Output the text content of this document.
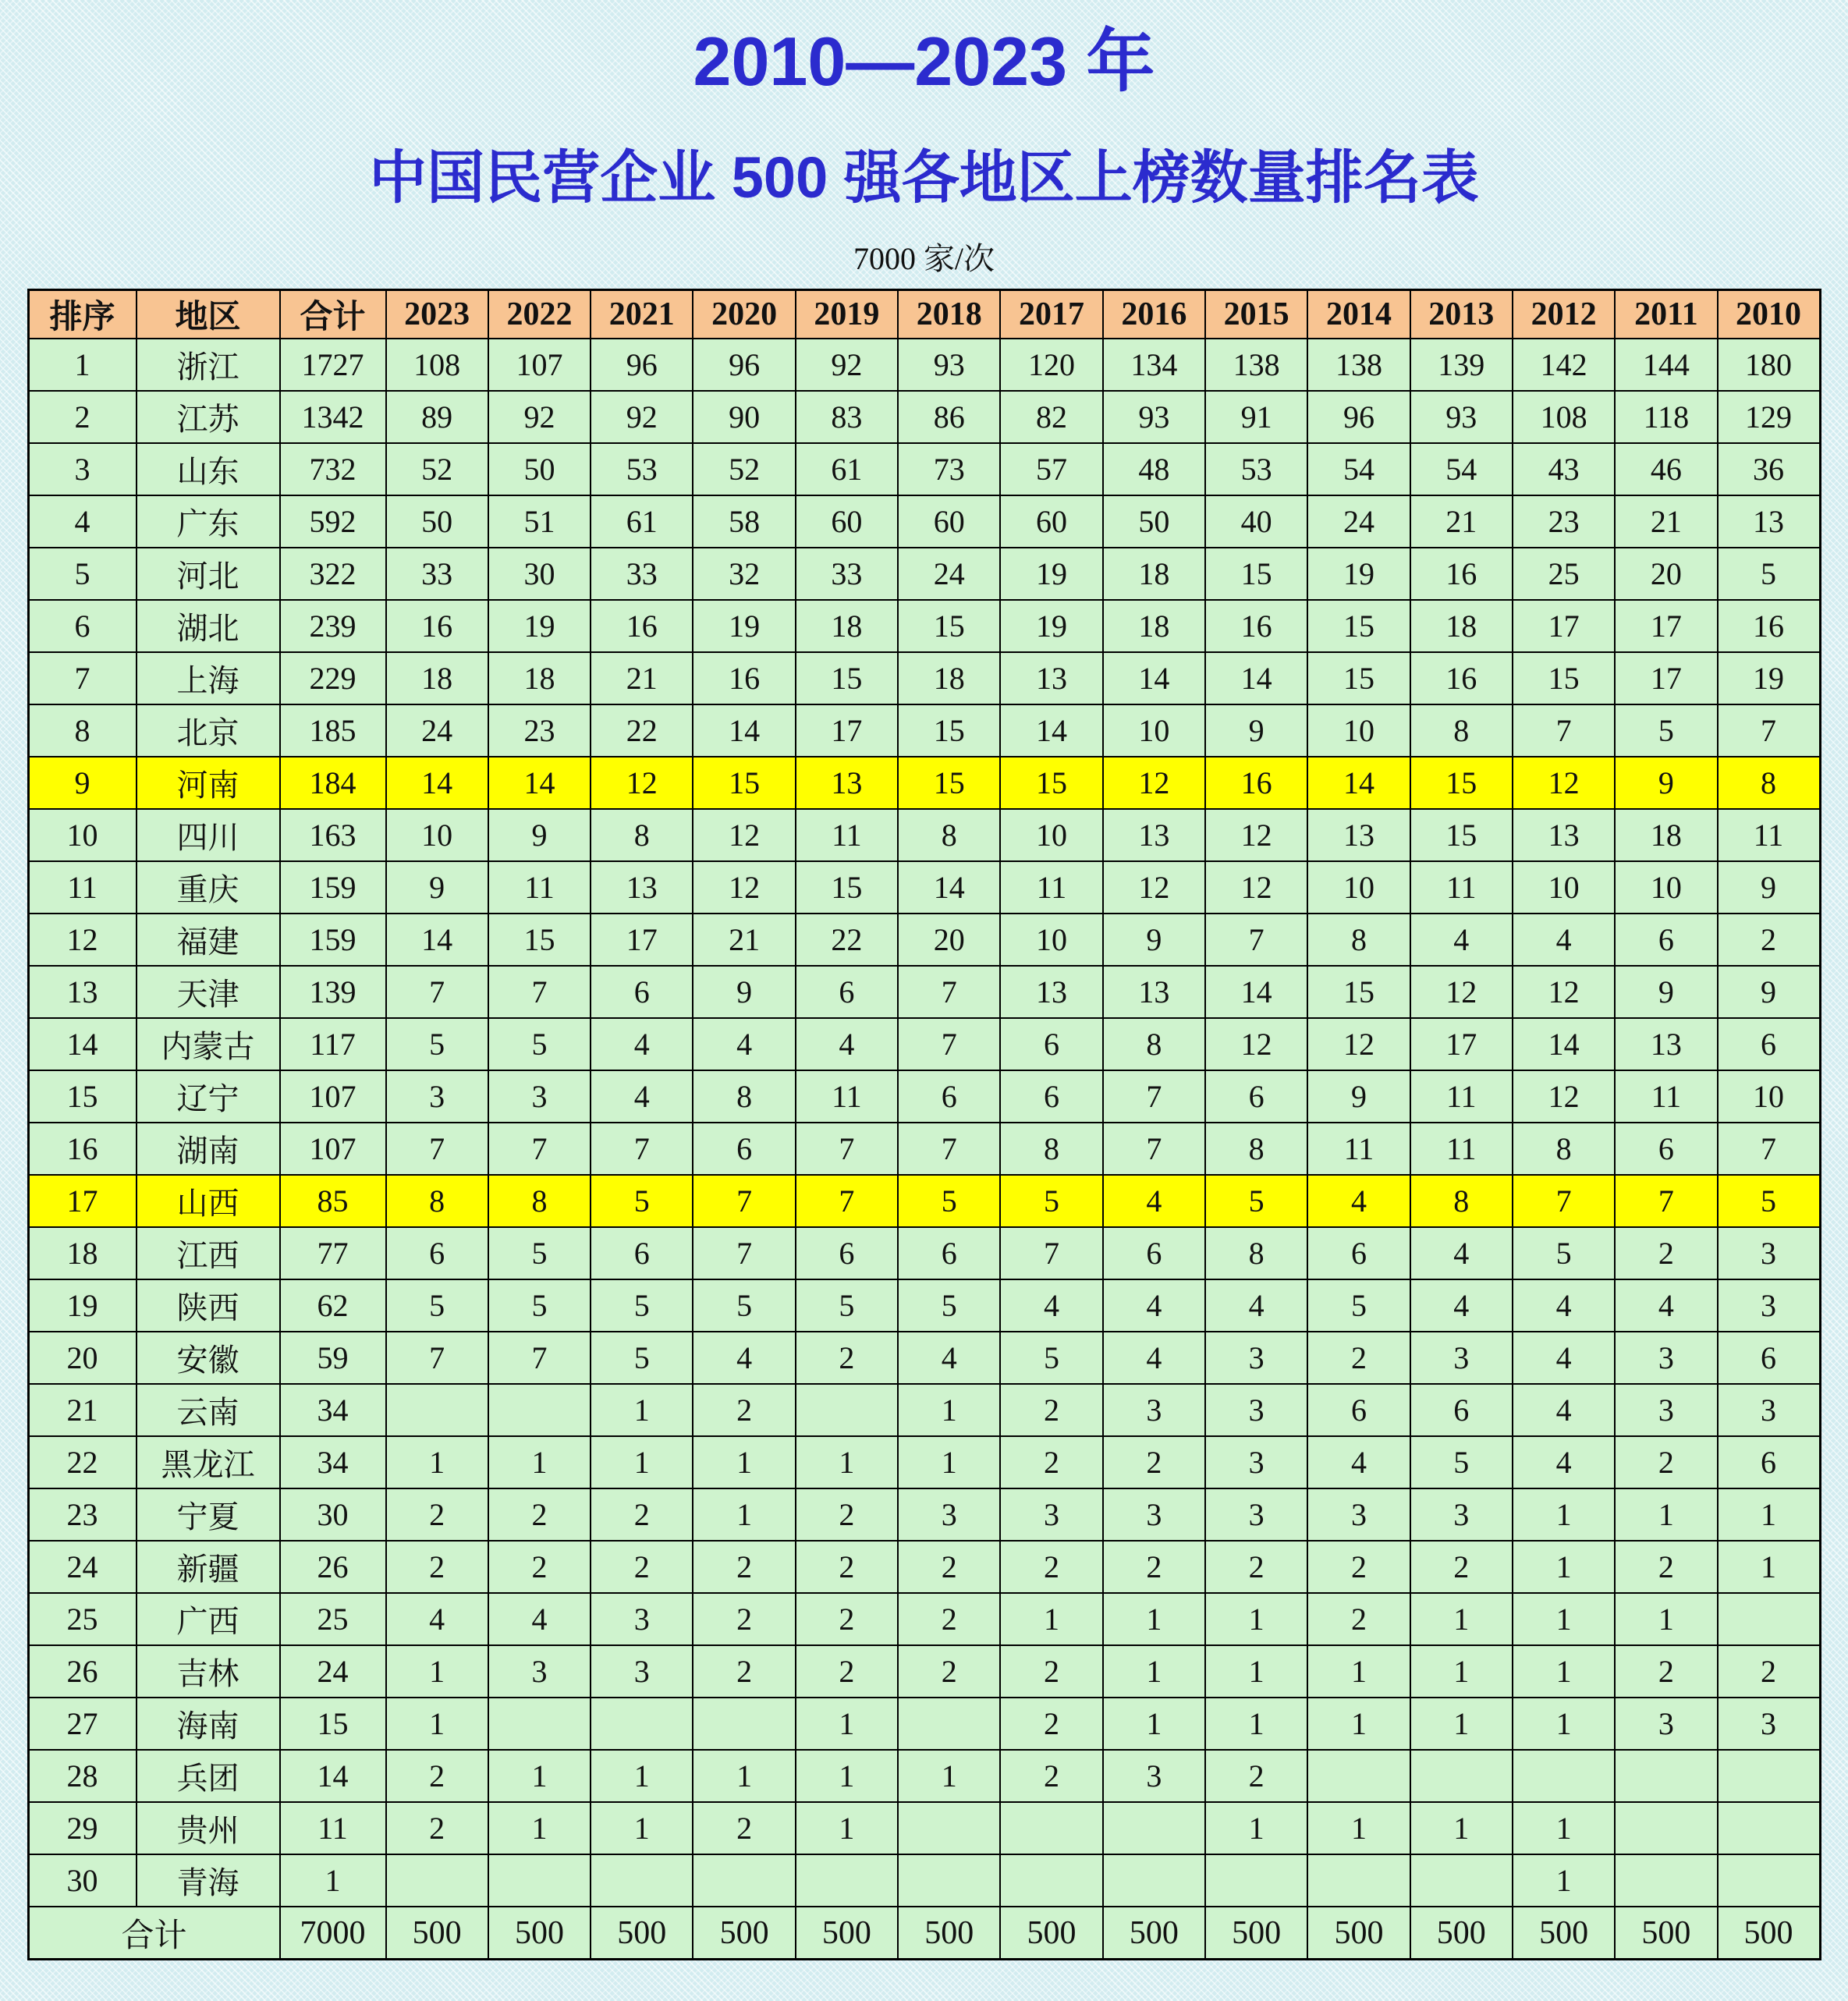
2010—2023 年
中国民营企业 500 强各地区上榜数量排名表
7000 家/次
排序	地区	合计	2023	2022	2021	2020	2019	2018	2017	2016	2015	2014	2013	2012	2011	2010
1	浙江	1727	108	107	96	96	92	93	120	134	138	138	139	142	144	180
2	江苏	1342	89	92	92	90	83	86	82	93	91	96	93	108	118	129
3	山东	732	52	50	53	52	61	73	57	48	53	54	54	43	46	36
4	广东	592	50	51	61	58	60	60	60	50	40	24	21	23	21	13
5	河北	322	33	30	33	32	33	24	19	18	15	19	16	25	20	5
6	湖北	239	16	19	16	19	18	15	19	18	16	15	18	17	17	16
7	上海	229	18	18	21	16	15	18	13	14	14	15	16	15	17	19
8	北京	185	24	23	22	14	17	15	14	10	9	10	8	7	5	7
9	河南	184	14	14	12	15	13	15	15	12	16	14	15	12	9	8
10	四川	163	10	9	8	12	11	8	10	13	12	13	15	13	18	11
11	重庆	159	9	11	13	12	15	14	11	12	12	10	11	10	10	9
12	福建	159	14	15	17	21	22	20	10	9	7	8	4	4	6	2
13	天津	139	7	7	6	9	6	7	13	13	14	15	12	12	9	9
14	内蒙古	117	5	5	4	4	4	7	6	8	12	12	17	14	13	6
15	辽宁	107	3	3	4	8	11	6	6	7	6	9	11	12	11	10
16	湖南	107	7	7	7	6	7	7	8	7	8	11	11	8	6	7
17	山西	85	8	8	5	7	7	5	5	4	5	4	8	7	7	5
18	江西	77	6	5	6	7	6	6	7	6	8	6	4	5	2	3
19	陕西	62	5	5	5	5	5	5	4	4	4	5	4	4	4	3
20	安徽	59	7	7	5	4	2	4	5	4	3	2	3	4	3	6
21	云南	34			1	2		1	2	3	3	6	6	4	3	3
22	黑龙江	34	1	1	1	1	1	1	2	2	3	4	5	4	2	6
23	宁夏	30	2	2	2	1	2	3	3	3	3	3	3	1	1	1
24	新疆	26	2	2	2	2	2	2	2	2	2	2	2	1	2	1
25	广西	25	4	4	3	2	2	2	1	1	1	2	1	1	1	
26	吉林	24	1	3	3	2	2	2	2	1	1	1	1	1	2	2
27	海南	15	1				1		2	1	1	1	1	1	3	3
28	兵团	14	2	1	1	1	1	1	2	3	2					
29	贵州	11	2	1	1	2	1				1	1	1	1		
30	青海	1												1		
合计		7000	500	500	500	500	500	500	500	500	500	500	500	500	500	500
